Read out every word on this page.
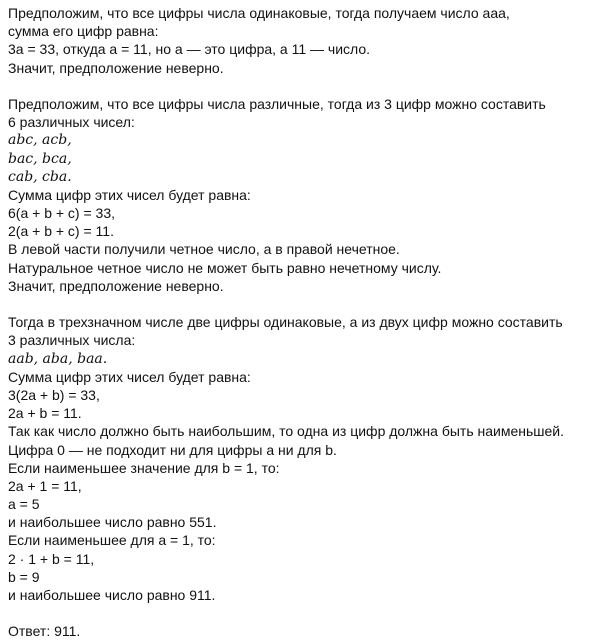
Предположим, что все цифры числа одинаковые, тогда получаем число aaa,
сумма его цифр равна:
3a = 33, откуда a = 11, но a — это цифра, а 11 — число.
Значит, предположение неверно.
Предположим, что все цифры числа различные, тогда из 3 цифр можно составить
6 различных чисел:
abc, acb,
bac, bca,
cab, cba.
Сумма цифр этих чисел будет равна:
6(a + b + c) = 33,
2(a + b + c) = 11.
В левой части получили четное число, а в правой нечетное.
Натуральное четное число не может быть равно нечетному числу.
Значит, предположение неверно.
Тогда в трехзначном числе две цифры одинаковые, а из двух цифр можно составить
3 различных числа:
aab, aba, baa.
Сумма цифр этих чисел будет равна:
3(2a + b) = 33,
2a + b = 11.
Так как число должно быть наибольшим, то одна из цифр должна быть наименьшей.
Цифра 0 — не подходит ни для цифры a ни для b.
Если наименьшее значение для b = 1, то:
2a + 1 = 11,
a = 5
и наибольшее число равно 551.
Если наименьшее для a = 1, то:
2 · 1 + b = 11,
b = 9
и наибольшее число равно 911.
Ответ: 911.
